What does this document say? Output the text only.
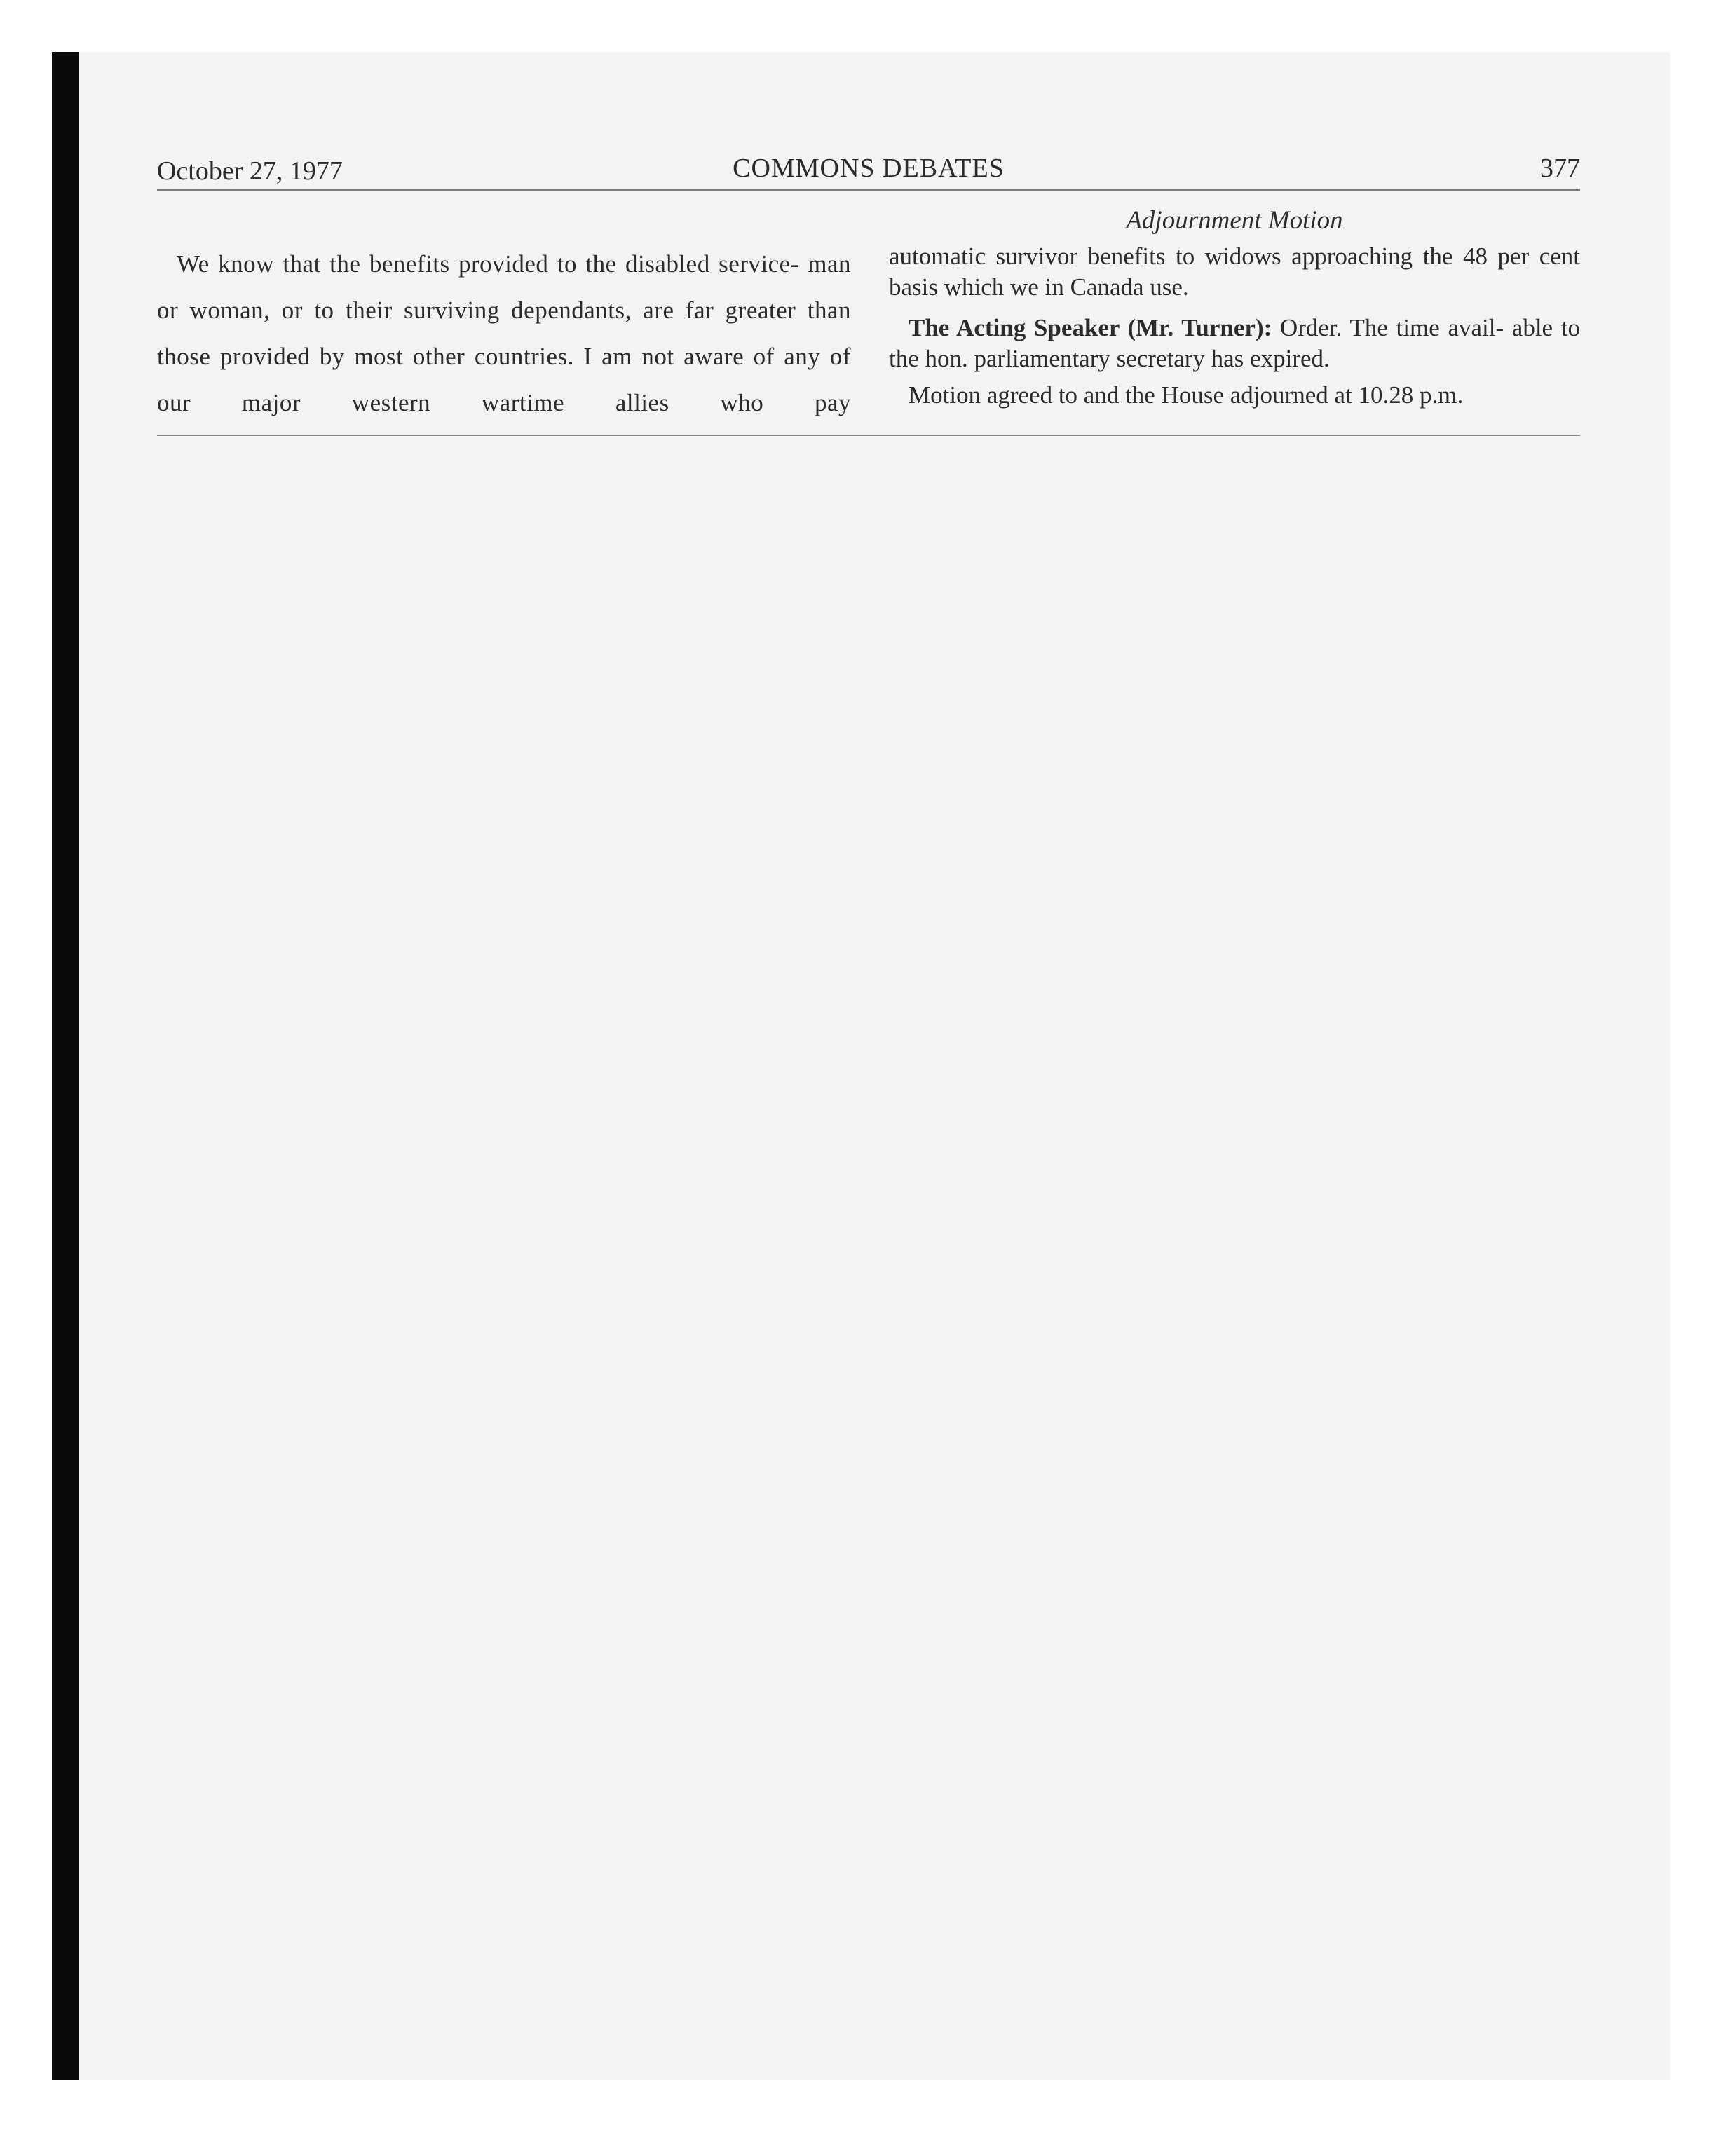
October 27, 1977	COMMONS DEBATES	377

We know that the benefits provided to the disabled service- man or woman, or to their surviving dependants, are far greater than those provided by most other countries. I am not aware of any of our major western wartime allies who pay

Adjournment Motion

automatic survivor benefits to widows approaching the 48 per cent basis which we in Canada use.

The Acting Speaker (Mr. Turner): Order. The time avail- able to the hon. parliamentary secretary has expired.

Motion agreed to and the House adjourned at 10.28 p.m.
